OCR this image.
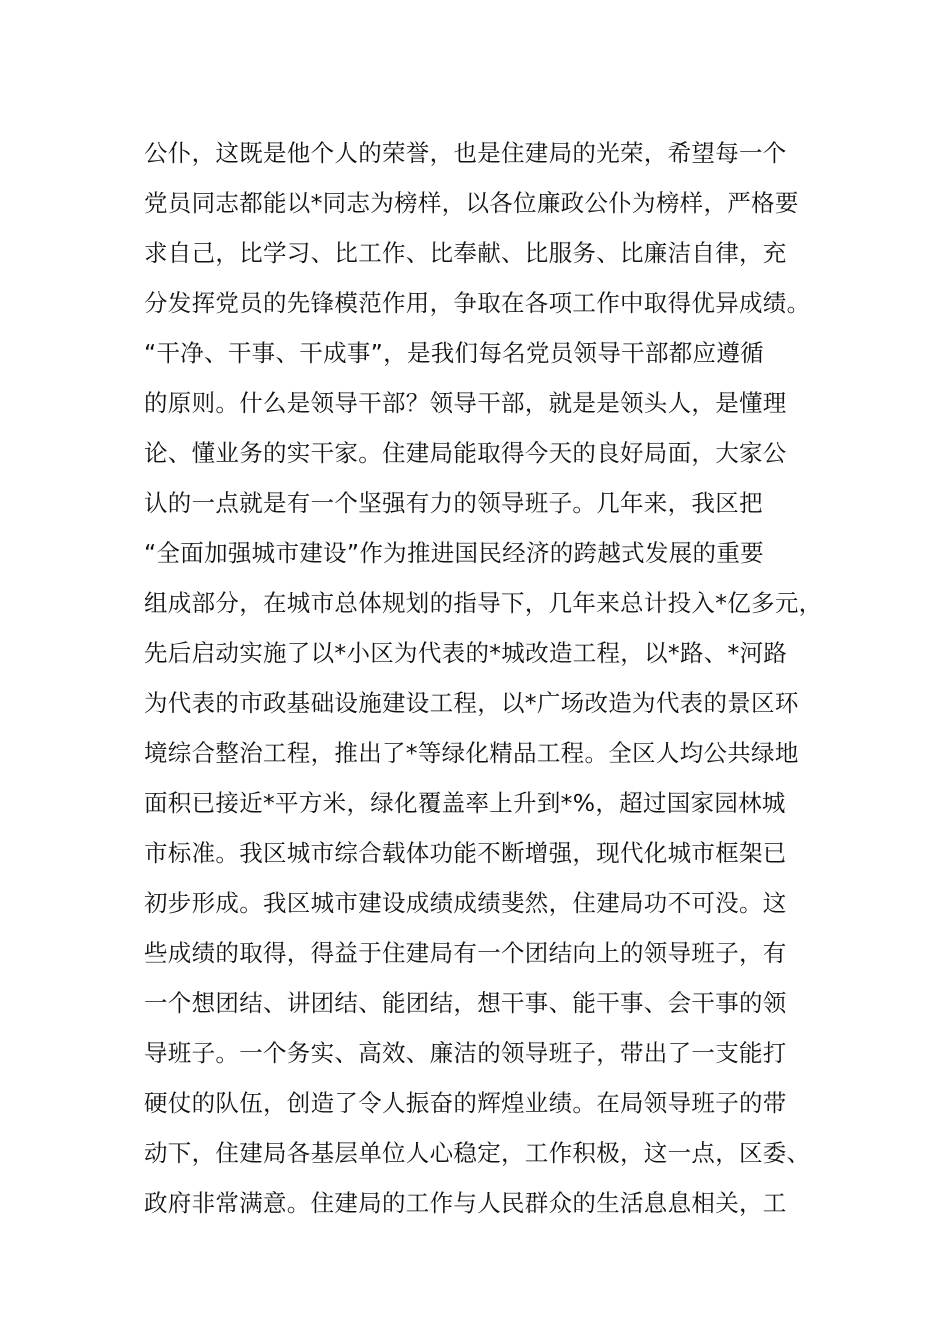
公仆，这既是他个人的荣誉，也是住建局的光荣，希望每一个
党员同志都能以*同志为榜样，以各位廉政公仆为榜样，严格要
求自己，比学习、比工作、比奉献、比服务、比廉洁自律，充
分发挥党员的先锋模范作用，争取在各项工作中取得优异成绩。
“干净、干事、干成事”，是我们每名党员领导干部都应遵循
的原则。什么是领导干部？领导干部，就是是领头人，是懂理
论、懂业务的实干家。住建局能取得今天的良好局面，大家公
认的一点就是有一个坚强有力的领导班子。几年来，我区把
“全面加强城市建设”作为推进国民经济的跨越式发展的重要
组成部分，在城市总体规划的指导下，几年来总计投入*亿多元，
先后启动实施了以*小区为代表的*城改造工程，以*路、*河路
为代表的市政基础设施建设工程，以*广场改造为代表的景区环
境综合整治工程，推出了*等绿化精品工程。全区人均公共绿地
面积已接近*平方米，绿化覆盖率上升到*%，超过国家园林城
市标准。我区城市综合载体功能不断增强，现代化城市框架已
初步形成。我区城市建设成绩成绩斐然，住建局功不可没。这
些成绩的取得，得益于住建局有一个团结向上的领导班子，有
一个想团结、讲团结、能团结，想干事、能干事、会干事的领
导班子。一个务实、高效、廉洁的领导班子，带出了一支能打
硬仗的队伍，创造了令人振奋的辉煌业绩。在局领导班子的带
动下，住建局各基层单位人心稳定，工作积极，这一点，区委、
政府非常满意。住建局的工作与人民群众的生活息息相关，工
